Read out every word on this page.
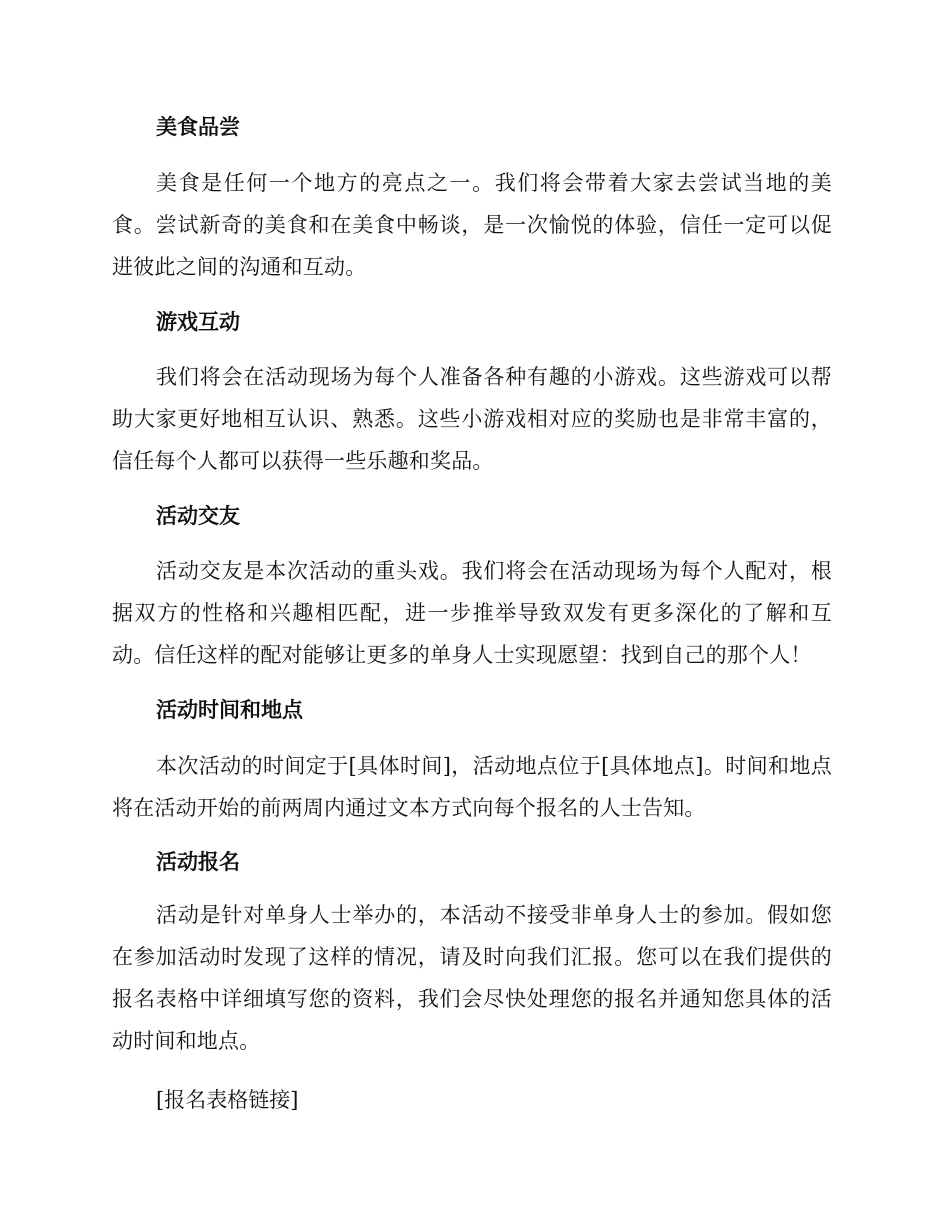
美食品尝

美食是任何一个地方的亮点之一。我们将会带着大家去尝试当地的美食。尝试新奇的美食和在美食中畅谈，是一次愉悦的体验，信任一定可以促进彼此之间的沟通和互动。

游戏互动

我们将会在活动现场为每个人准备各种有趣的小游戏。这些游戏可以帮助大家更好地相互认识、熟悉。这些小游戏相对应的奖励也是非常丰富的，信任每个人都可以获得一些乐趣和奖品。

活动交友

活动交友是本次活动的重头戏。我们将会在活动现场为每个人配对，根据双方的性格和兴趣相匹配，进一步推举导致双发有更多深化的了解和互动。信任这样的配对能够让更多的单身人士实现愿望：找到自己的那个人！

活动时间和地点

本次活动的时间定于[具体时间]，活动地点位于[具体地点]。时间和地点将在活动开始的前两周内通过文本方式向每个报名的人士告知。

活动报名

活动是针对单身人士举办的，本活动不接受非单身人士的参加。假如您在参加活动时发现了这样的情况，请及时向我们汇报。您可以在我们提供的报名表格中详细填写您的资料，我们会尽快处理您的报名并通知您具体的活动时间和地点。

[报名表格链接]
